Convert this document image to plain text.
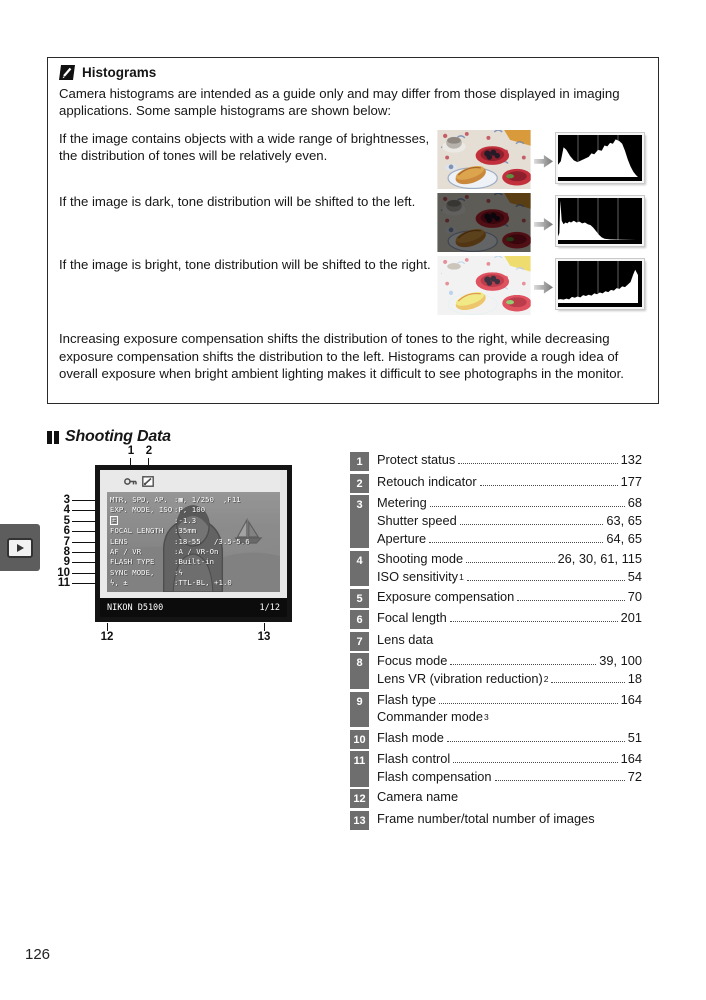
Histograms
Camera histograms are intended as a guide only and may differ from those displayed in imaging applications. Some sample histograms are shown below:
If the image contains objects with a wide range of brightnesses, the distribution of tones will be relatively even.
If the image is dark, tone distribution will be shifted to the left.
If the image is bright, tone distribution will be shifted to the right.
Increasing exposure compensation shifts the distribution of tones to the right, while decreasing exposure compensation shifts the distribution to the left. Histograms can provide a rough idea of overall exposure when bright ambient lighting makes it difficult to see photographs in the monitor.
Shooting Data
1	2
MTR, SPD, AP. :▦, 1/250  ,F11
EXP. MODE, ISO :P, 100
±	:-1.3
FOCAL LENGTH	:35mm
LENS	:18-55   /3.5-5.6
AF / VR	:A / VR-On
FLASH TYPE	:Built-in
SYNC MODE,	:ϟ
ϟ, ±	:TTL-BL, +1.0
NIKON D5100	1/12
3
4
5
6
7
8
9
10
11
12	13
1	Protect status	132
2	Retouch indicator	177
3	Metering	68
Shutter speed	63, 65
Aperture	64, 65
4	Shooting mode	26, 30, 61, 115
ISO sensitivity$^1$	54
5	Exposure compensation	70
6	Focal length	201
7	Lens data
8	Focus mode	39, 100
Lens VR (vibration reduction)$^2$	18
9	Flash type	164
Commander mode$^3$
10 Flash mode	51
11 Flash control	164
Flash compensation	72
12 Camera name
13 Frame number/total number of images
126
